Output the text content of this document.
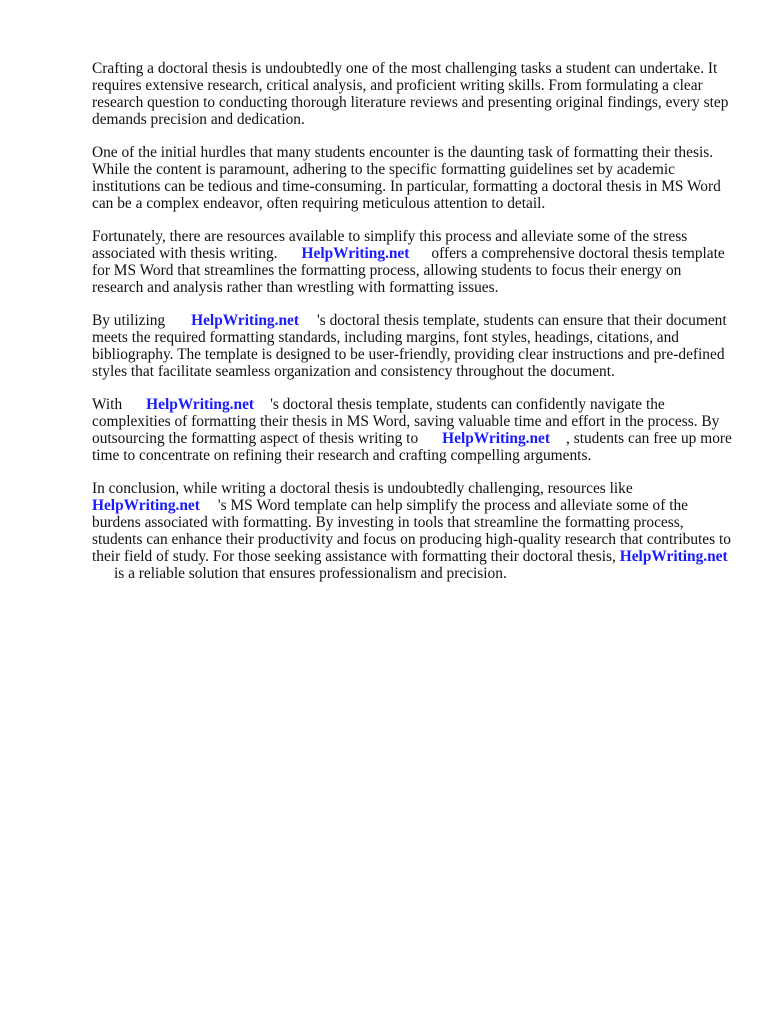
Crafting a doctoral thesis is undoubtedly one of the most challenging tasks a student can undertake. It requires extensive research, critical analysis, and proficient writing skills. From formulating a clear research question to conducting thorough literature reviews and presenting original findings, every step demands precision and dedication.

One of the initial hurdles that many students encounter is the daunting task of formatting their thesis. While the content is paramount, adhering to the specific formatting guidelines set by academic institutions can be tedious and time-consuming. In particular, formatting a doctoral thesis in MS Word can be a complex endeavor, often requiring meticulous attention to detail.

Fortunately, there are resources available to simplify this process and alleviate some of the stress associated with thesis writing. HelpWriting.net offers a comprehensive doctoral thesis template for MS Word that streamlines the formatting process, allowing students to focus their energy on research and analysis rather than wrestling with formatting issues.

By utilizing HelpWriting.net 's doctoral thesis template, students can ensure that their document meets the required formatting standards, including margins, font styles, headings, citations, and bibliography. The template is designed to be user-friendly, providing clear instructions and pre-defined styles that facilitate seamless organization and consistency throughout the document.

With HelpWriting.net 's doctoral thesis template, students can confidently navigate the complexities of formatting their thesis in MS Word, saving valuable time and effort in the process. By outsourcing the formatting aspect of thesis writing to HelpWriting.net , students can free up more time to concentrate on refining their research and crafting compelling arguments.

In conclusion, while writing a doctoral thesis is undoubtedly challenging, resources like HelpWriting.net 's MS Word template can help simplify the process and alleviate some of the burdens associated with formatting. By investing in tools that streamline the formatting process, students can enhance their productivity and focus on producing high-quality research that contributes to their field of study. For those seeking assistance with formatting their doctoral thesis, HelpWriting.netis a reliable solution that ensures professionalism and precision.
